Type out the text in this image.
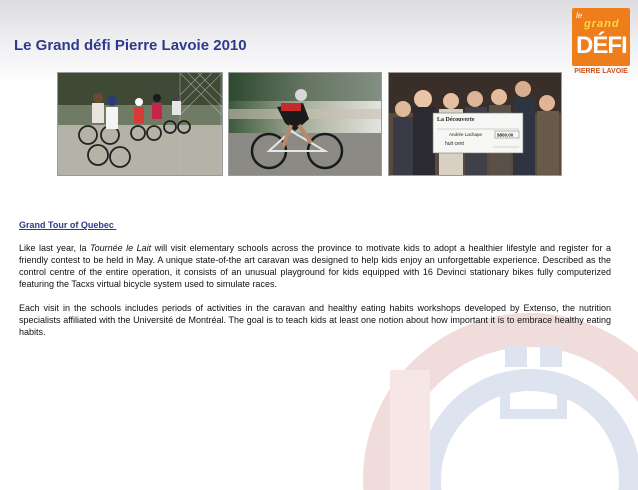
Le Grand défi Pierre Lavoie 2010
le
grand
DÉFI
PIERRE LAVOIE
La Découverte
Andrée Lachape	$800.00
huit cent
Grand Tour of Quebec

Like last year, la Tournée le Lait will visit elementary schools across the province to motivate kids to adopt a healthier lifestyle and register for a friendly contest to be held in May. A unique state-of-the art caravan was designed to help kids enjoy an unforgettable experience. Described as the control centre of the entire operation, it consists of an unusual playground for kids equipped with 16 Devinci stationary bikes fully computerized featuring the Tacxs virtual bicycle system used to simulate races.

Each visit in the schools includes periods of activities in the caravan and healthy eating habits workshops developed by Extenso, the nutrition specialists affiliated with the Université de Montréal. The goal is to teach kids at least one notion about how important it is to embrace healthy eating habits.
